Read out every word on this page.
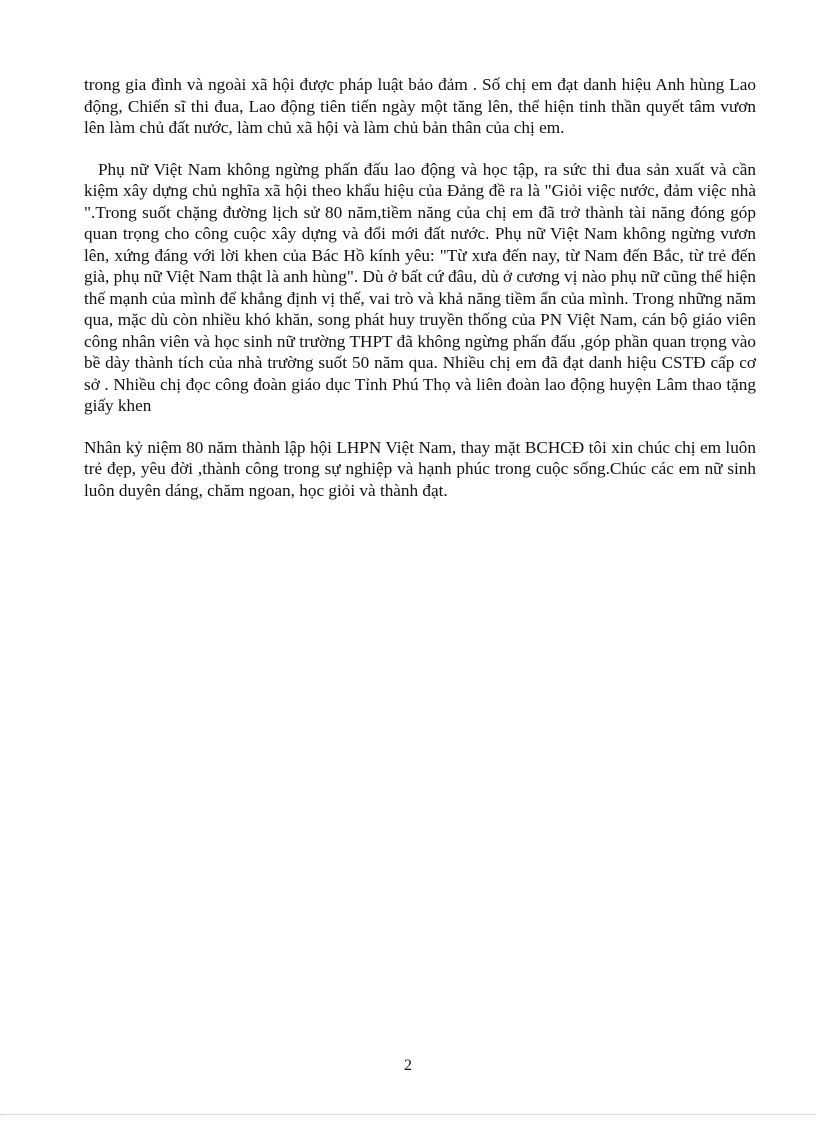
trong gia đình và ngoài xã hội được pháp luật bảo đảm . Số chị em đạt danh hiệu Anh hùng Lao động, Chiến sĩ thi đua, Lao động tiên tiến ngày một tăng lên, thể hiện tinh thần quyết tâm vươn lên làm chủ đất nước, làm chủ xã hội và làm chủ bản thân của chị em.

Phụ nữ Việt Nam không ngừng phấn đấu lao động và học tập, ra sức thi đua sản xuất và cần kiệm xây dựng chủ nghĩa xã hội theo khẩu hiệu của Đảng đề ra là "Giỏi việc nước, đảm việc nhà ".Trong suốt chặng đường lịch sử 80 năm,tiềm năng của chị em đã trở thành tài năng đóng góp quan trọng cho công cuộc xây dựng và đổi mới đất nước. Phụ nữ Việt Nam không ngừng vươn lên, xứng đáng với lời khen của Bác Hồ kính yêu: "Từ xưa đến nay, từ Nam đến Bắc, từ trẻ đến già, phụ nữ Việt Nam thật là anh hùng". Dù ở bất cứ đâu, dù ở cương vị nào phụ nữ cũng thể hiện thế mạnh của mình để khẳng định vị thế, vai trò và khả năng tiềm ẩn của mình. Trong những năm qua, mặc dù còn nhiều khó khăn, song phát huy truyền thống của PN Việt Nam, cán bộ giáo viên công nhân viên và học sinh nữ trường THPT đã không ngừng phấn đấu ,góp phần quan trọng vào bề dày thành tích của nhà trường suốt 50 năm qua. Nhiều chị em đã đạt danh hiệu CSTĐ cấp cơ sở . Nhiều chị đọc công đoàn giáo dục Tỉnh Phú Thọ và liên đoàn lao động huyện Lâm thao tặng giấy khen

Nhân kỷ niệm 80 năm thành lập hội LHPN Việt Nam, thay mặt BCHCĐ tôi xin chúc chị em luôn trẻ đẹp, yêu đời ,thành công trong sự nghiệp và hạnh phúc trong cuộc sống.Chúc các em nữ sinh luôn duyên dáng, chăm ngoan, học giỏi và thành đạt.

2
